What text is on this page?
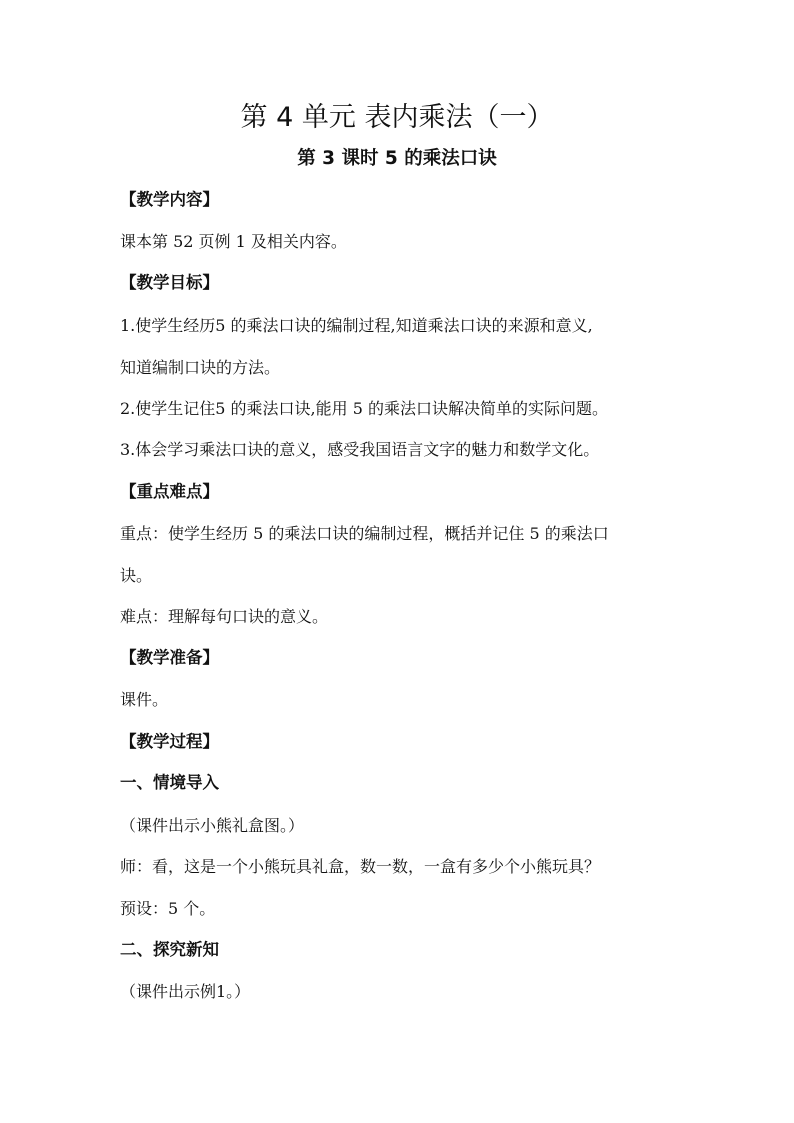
第 4 单元 表内乘法（一）
第 3 课时 5 的乘法口诀
【教学内容】
课本第 52 页例 1 及相关内容。
【教学目标】
1.使学生经历5 的乘法口诀的编制过程,知道乘法口诀的来源和意义,
知道编制口诀的方法。
2.使学生记住5 的乘法口诀,能用 5 的乘法口诀解决简单的实际问题。
3.体会学习乘法口诀的意义，感受我国语言文字的魅力和数学文化。
【重点难点】
重点：使学生经历 5 的乘法口诀的编制过程，概括并记住 5 的乘法口
诀。
难点：理解每句口诀的意义。
【教学准备】
课件。
【教学过程】
一、情境导入
（课件出示小熊礼盒图。）
师：看，这是一个小熊玩具礼盒，数一数，一盒有多少个小熊玩具？
预设：5 个。
二、探究新知
（课件出示例1。）
